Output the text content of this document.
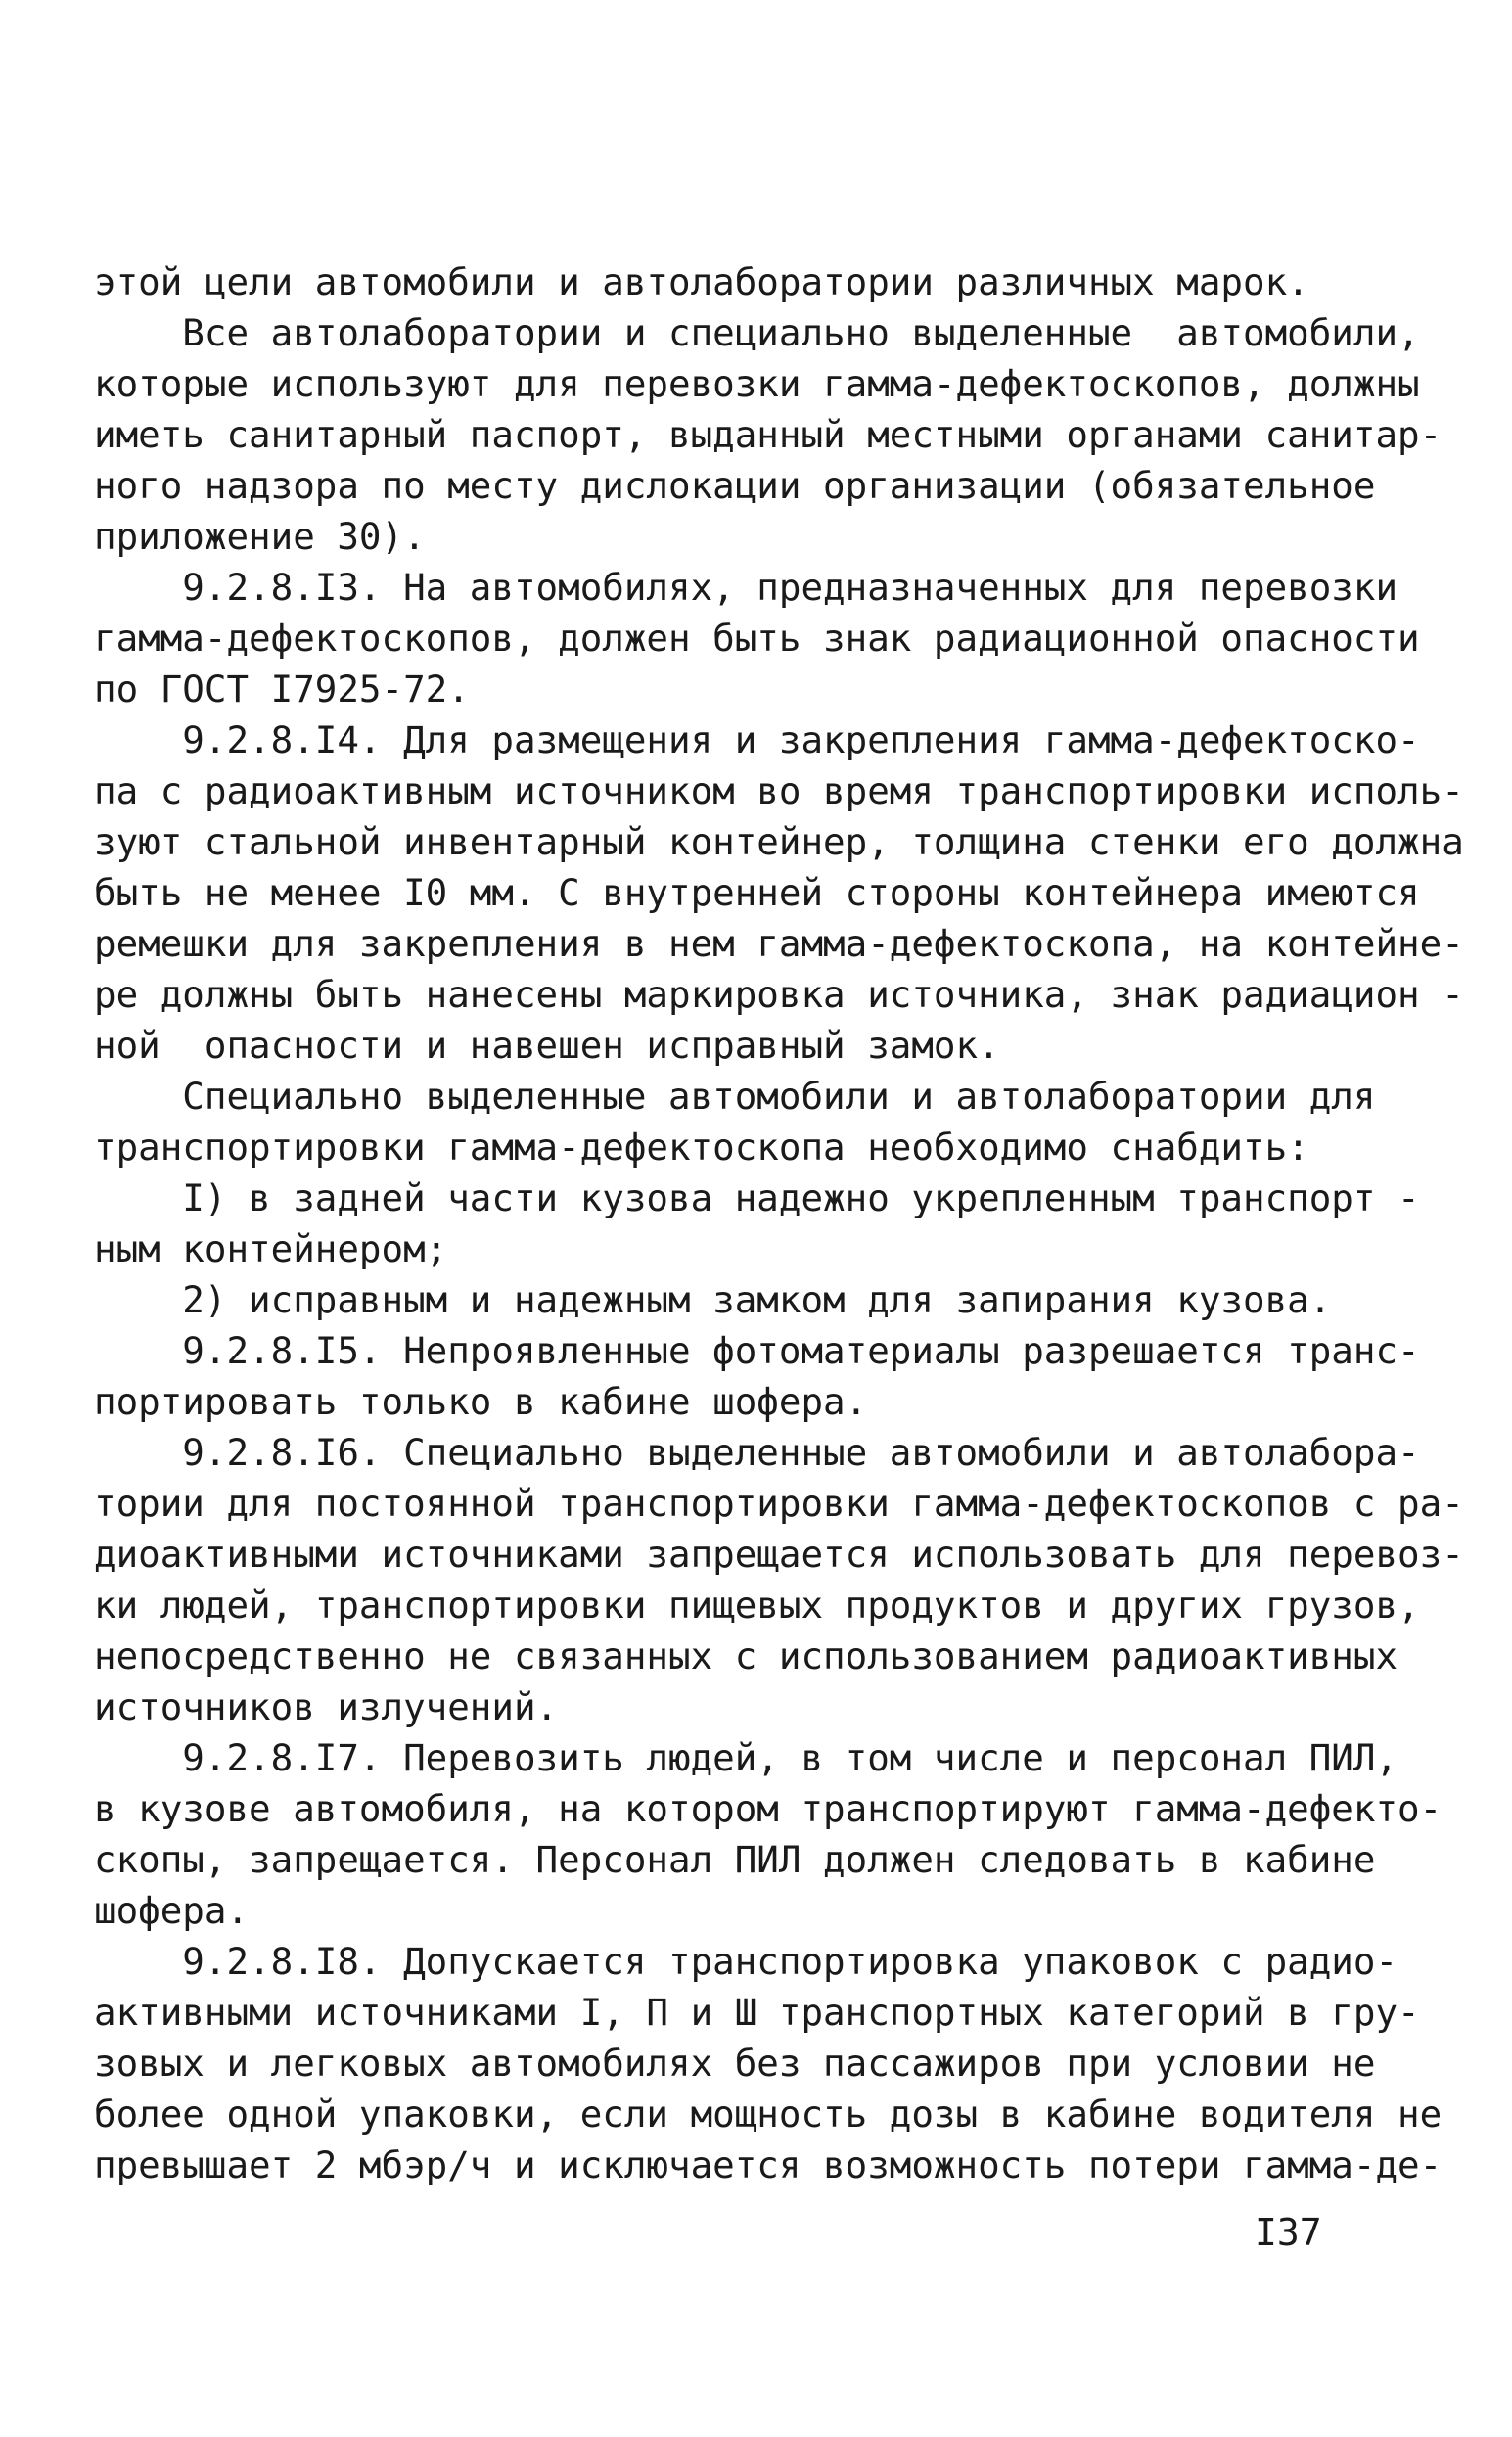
этой цели автомобили и автолаборатории различных марок.
Все автолаборатории и специально выделенные  автомобили,
которые используют для перевозки гамма-дефектоскопов, должны
иметь санитарный паспорт, выданный местными органами санитар-
ного надзора по месту дислокации организации (обязательное
приложение 30).
9.2.8.I3. На автомобилях, предназначенных для перевозки
гамма-дефектоскопов, должен быть знак радиационной опасности
по ГОСТ I7925-72.
9.2.8.I4. Для размещения и закрепления гамма-дефектоско-
па с радиоактивным источником во время транспортировки исполь-
зуют стальной инвентарный контейнер, толщина стенки его должна
быть не менее I0 мм. С внутренней стороны контейнера имеются
ремешки для закрепления в нем гамма-дефектоскопа, на контейне-
ре должны быть нанесены маркировка источника, знак радиацион -
ной  опасности и навешен исправный замок.
Специально выделенные автомобили и автолаборатории для
транспортировки гамма-дефектоскопа необходимо снабдить:
I) в задней части кузова надежно укрепленным транспорт -
ным контейнером;
2) исправным и надежным замком для запирания кузова.
9.2.8.I5. Непроявленные фотоматериалы разрешается транс-
портировать только в кабине шофера.
9.2.8.I6. Специально выделенные автомобили и автолабора-
тории для постоянной транспортировки гамма-дефектоскопов с ра-
диоактивными источниками запрещается использовать для перевоз-
ки людей, транспортировки пищевых продуктов и других грузов,
непосредственно не связанных с использованием радиоактивных
источников излучений.
9.2.8.I7. Перевозить людей, в том числе и персонал ПИЛ,
в кузове автомобиля, на котором транспортируют гамма-дефекто-
скопы, запрещается. Персонал ПИЛ должен следовать в кабине
шофера.
9.2.8.I8. Допускается транспортировка упаковок с радио-
активными источниками I, П и Ш транспортных категорий в гру-
зовых и легковых автомобилях без пассажиров при условии не
более одной упаковки, если мощность дозы в кабине водителя не
превышает 2 мбэр/ч и исключается возможность потери гамма-де-
I37
